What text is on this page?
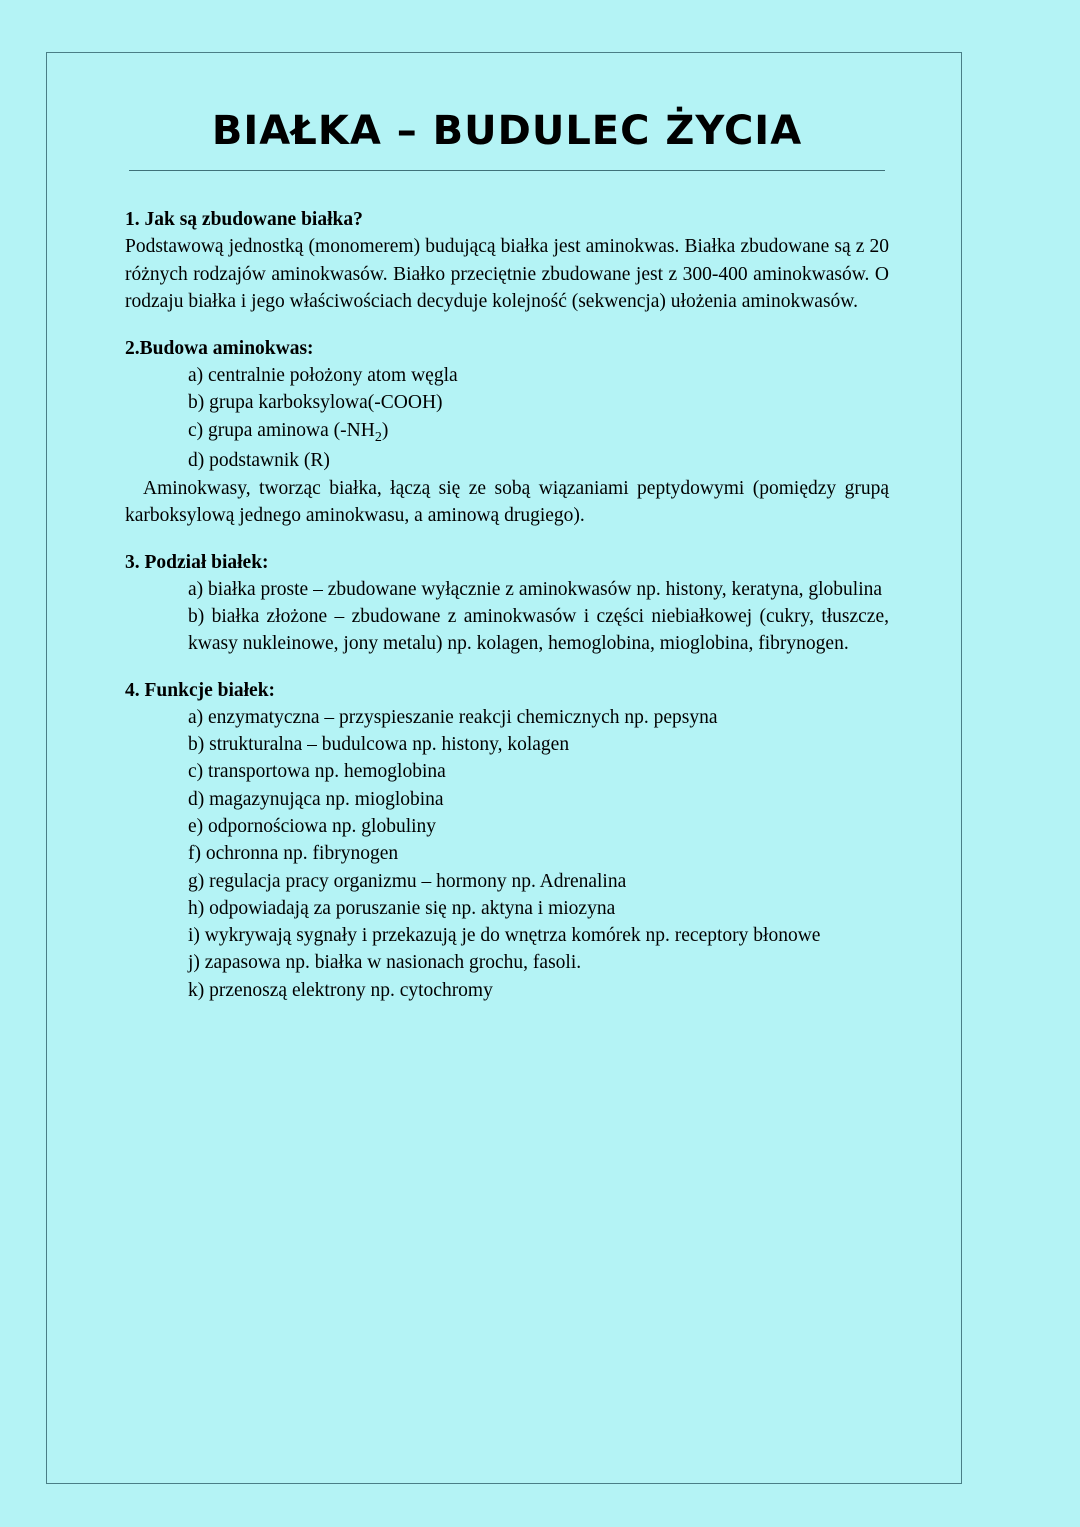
BIAŁKA – BUDULEC ŻYCIA

1. Jak są zbudowane białka?

Podstawową jednostką (monomerem) budującą białka jest aminokwas. Białka zbudowane są z 20 różnych rodzajów aminokwasów. Białko przeciętnie zbudowane jest z 300-400 aminokwasów. O rodzaju białka i jego właściwościach decyduje kolejność (sekwencja) ułożenia aminokwasów.

2.Budowa aminokwas:

a) centralnie położony atom węgla
b) grupa karboksylowa(-COOH)
c) grupa aminowa $(-NH_2)$
d) podstawnik (R)

Aminokwasy, tworząc białka, łączą się ze sobą wiązaniami peptydowymi (pomiędzy grupą karboksylową jednego aminokwasu, a aminową drugiego).

3. Podział białek:

a) białka proste – zbudowane wyłącznie z aminokwasów np. histony, keratyna, globulina
b) białka złożone – zbudowane z aminokwasów i części niebiałkowej (cukry, tłuszcze, kwasy nukleinowe, jony metalu) np. kolagen, hemoglobina, mioglobina, fibrynogen.

4. Funkcje białek:

a) enzymatyczna – przyspieszanie reakcji chemicznych np. pepsyna
b) strukturalna – budulcowa np. histony, kolagen
c) transportowa np. hemoglobina
d) magazynująca np. mioglobina
e) odpornościowa np. globuliny
f) ochronna np. fibrynogen
g) regulacja pracy organizmu – hormony np. Adrenalina
h) odpowiadają za poruszanie się np. aktyna i miozyna
i) wykrywają sygnały i przekazują je do wnętrza komórek np. receptory błonowe
j) zapasowa np. białka w nasionach grochu, fasoli.
k) przenoszą elektrony np. cytochromy
